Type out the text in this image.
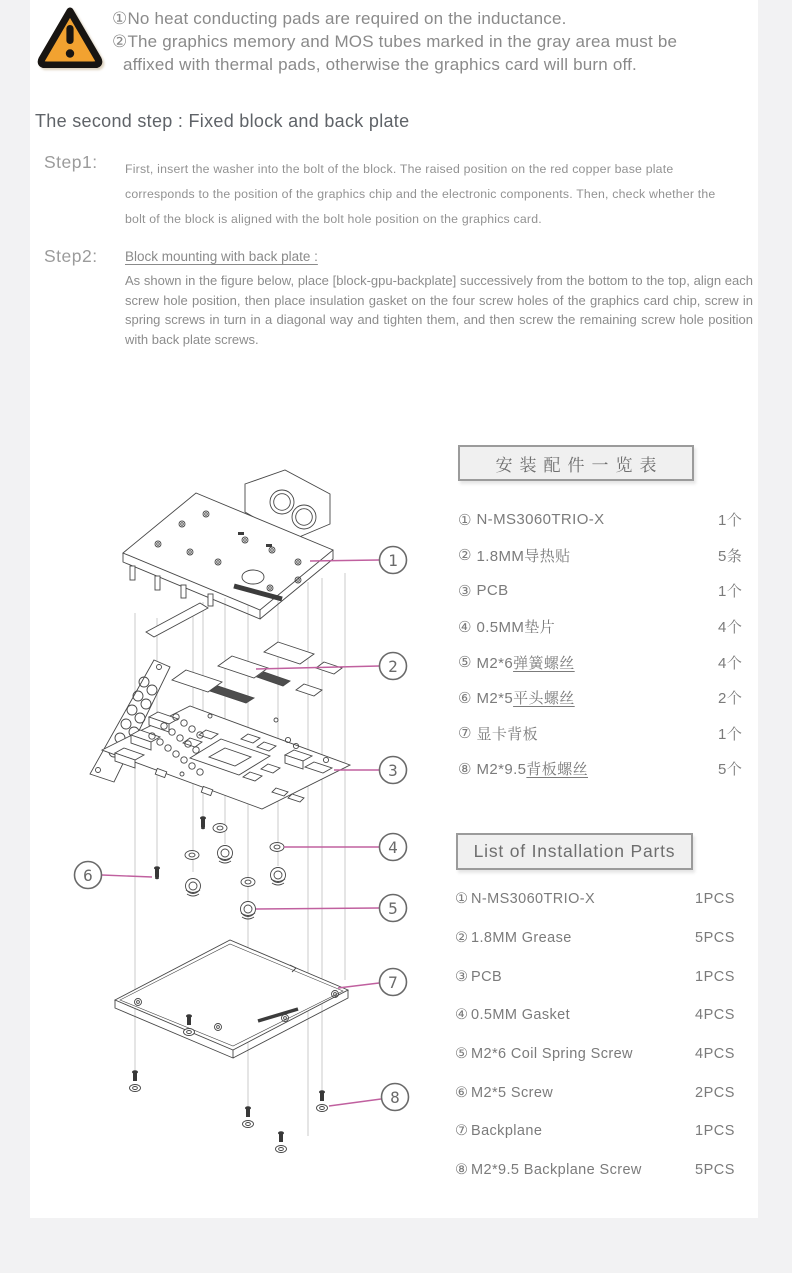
①No heat conducting pads are required on the inductance.
②The graphics memory and MOS tubes marked in the gray area must be
affixed with thermal pads, otherwise the graphics card will burn off.
The second step : Fixed block and back plate
Step1: First, insert the washer into the bolt of the block. The raised position on the red copper base plate corresponds to the position of the graphics chip and the electronic components. Then, check whether the bolt of the block is aligned with the bolt hole position on the graphics card.
Step2: Block mounting with back plate :
As shown in the figure below, place [block-gpu-backplate] successively from the bottom to the top, align each screw hole position, then place insulation gasket on the four screw holes of the graphics card chip, screw in spring screws in turn in a diagonal way and tighten them, and then screw the remaining screw hole position with back plate screws.
1
2
3
4
5
6
7
8
安装配件一览表
① N-MS3060TRIO-X	1个
② 1.8MM导热贴	5条
③ PCB	1个
④ 0.5MM垫片	4个
⑤ M2*6弹簧螺丝	4个
⑥ M2*5平头螺丝	2个
⑦ 显卡背板	1个
⑧ M2*9.5背板螺丝	5个
List of Installation Parts
① N-MS3060TRIO-X	1PCS
② 1.8MM Grease	5PCS
③ PCB	1PCS
④ 0.5MM Gasket	4PCS
⑤ M2*6 Coil Spring Screw	4PCS
⑥ M2*5 Screw	2PCS
⑦ Backplane	1PCS
⑧ M2*9.5 Backplane Screw	5PCS
